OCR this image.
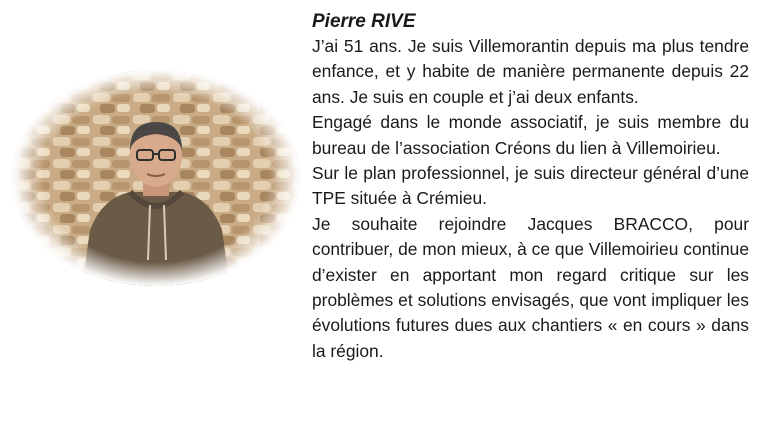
Pierre RIVE

J’ai 51 ans. Je suis Villemorantin depuis ma plus tendre enfance, et y habite de manière permanente depuis 22 ans. Je suis en couple et j’ai deux enfants.

Engagé dans le monde associatif, je suis membre du bureau de l’association Créons du lien à Villemoirieu.

Sur le plan professionnel, je suis directeur général d’une TPE située à Crémieu.

Je souhaite rejoindre Jacques BRACCO, pour contribuer, de mon mieux, à ce que Villemoirieu continue d’exister en apportant mon regard critique sur les problèmes et solutions envisagés, que vont impliquer les évolutions futures dues aux chantiers « en cours » dans la région.
